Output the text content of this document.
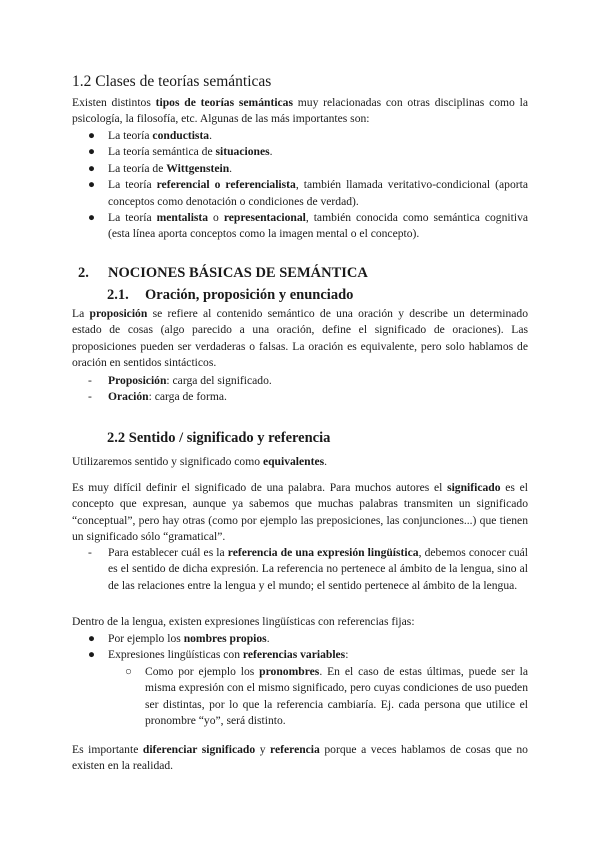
1.2 Clases de teorías semánticas

Existen distintos tipos de teorías semánticas muy relacionadas con otras disciplinas como la psicología, la filosofía, etc. Algunas de las más importantes son:

● La teoría conductista.
● La teoría semántica de situaciones.
● La teoría de Wittgenstein.
● La teoría referencial o referencialista, también llamada veritativo-condicional (aporta conceptos como denotación o condiciones de verdad).
● La teoría mentalista o representacional, también conocida como semántica cognitiva (esta línea aporta conceptos como la imagen mental o el concepto).
2. NOCIONES BÁSICAS DE SEMÁNTICA
2.1. Oración, proposición y enunciado

La proposición se refiere al contenido semántico de una oración y describe un determinado estado de cosas (algo parecido a una oración, define el significado de oraciones). Las proposiciones pueden ser verdaderas o falsas. La oración es equivalente, pero solo hablamos de oración en sentidos sintácticos.

- Proposición: carga del significado.
- Oración: carga de forma.
2.2 Sentido / significado y referencia

Utilizaremos sentido y significado como equivalentes.

Es muy difícil definir el significado de una palabra. Para muchos autores el significado es el concepto que expresan, aunque ya sabemos que muchas palabras transmiten un significado “conceptual”, pero hay otras (como por ejemplo las preposiciones, las conjunciones...) que tienen un significado sólo “gramatical”.

- Para establecer cuál es la referencia de una expresión lingüística, debemos conocer cuál es el sentido de dicha expresión. La referencia no pertenece al ámbito de la lengua, sino al de las relaciones entre la lengua y el mundo; el sentido pertenece al ámbito de la lengua.

Dentro de la lengua, existen expresiones lingüísticas con referencias fijas:

● Por ejemplo los nombres propios.
● Expresiones lingüísticas con referencias variables:
○ Como por ejemplo los pronombres. En el caso de estas últimas, puede ser la misma expresión con el mismo significado, pero cuyas condiciones de uso pueden ser distintas, por lo que la referencia cambiaría. Ej. cada persona que utilice el pronombre “yo”, será distinto.

Es importante diferenciar significado y referencia porque a veces hablamos de cosas que no existen en la realidad.
